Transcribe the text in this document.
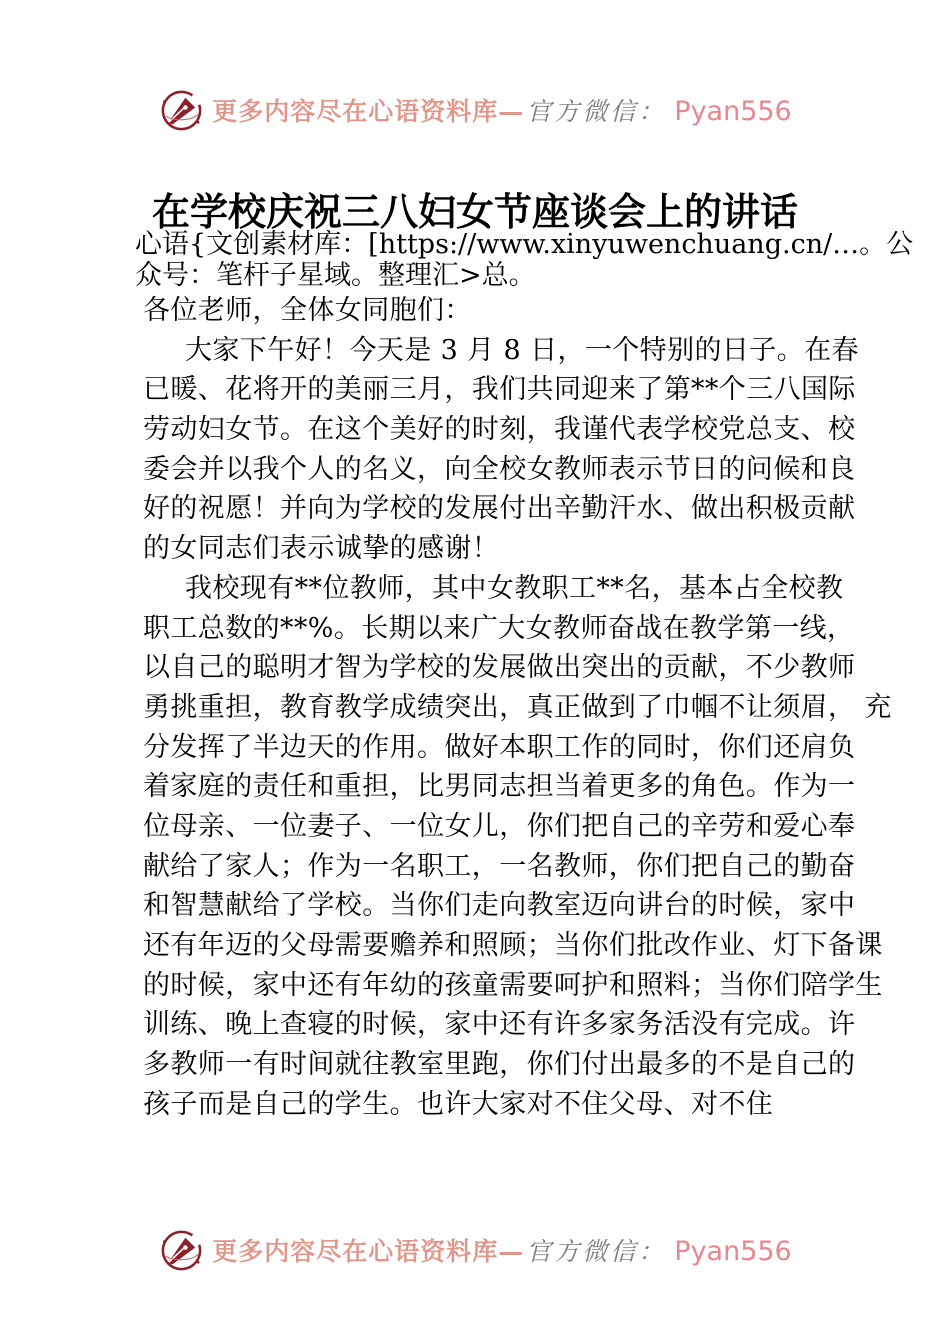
更多内容尽在心语资料库— 官方微信： Pyan556
在学校庆祝三八妇女节座谈会上的讲话
心语{文创素材库：[https://www.xinyuwenchuang.cn/…。公
众号：笔杆子星域。整理汇>总。
各位老师，全体女同胞们：
大家下午好！今天是 3 月 8 日，一个特别的日子。在春
已暖、花将开的美丽三月，我们共同迎来了第**个三八国际
劳动妇女节。在这个美好的时刻，我谨代表学校党总支、校
委会并以我个人的名义，向全校女教师表示节日的问候和良
好的祝愿！并向为学校的发展付出辛勤汗水、做出积极贡献
的女同志们表示诚挚的感谢！
我校现有**位教师，其中女教职工**名，基本占全校教
职工总数的**%。长期以来广大女教师奋战在教学第一线，
以自己的聪明才智为学校的发展做出突出的贡献，不少教师
勇挑重担，教育教学成绩突出，真正做到了巾帼不让须眉， 充
分发挥了半边天的作用。做好本职工作的同时，你们还肩负
着家庭的责任和重担，比男同志担当着更多的角色。作为一
位母亲、一位妻子、一位女儿，你们把自己的辛劳和爱心奉
献给了家人；作为一名职工，一名教师，你们把自己的勤奋
和智慧献给了学校。当你们走向教室迈向讲台的时候，家中
还有年迈的父母需要赡养和照顾；当你们批改作业、灯下备课
的时候，家中还有年幼的孩童需要呵护和照料；当你们陪学生
训练、晚上查寝的时候，家中还有许多家务活没有完成。许
多教师一有时间就往教室里跑，你们付出最多的不是自己的
孩子而是自己的学生。也许大家对不住父母、对不住
更多内容尽在心语资料库— 官方微信： Pyan556
